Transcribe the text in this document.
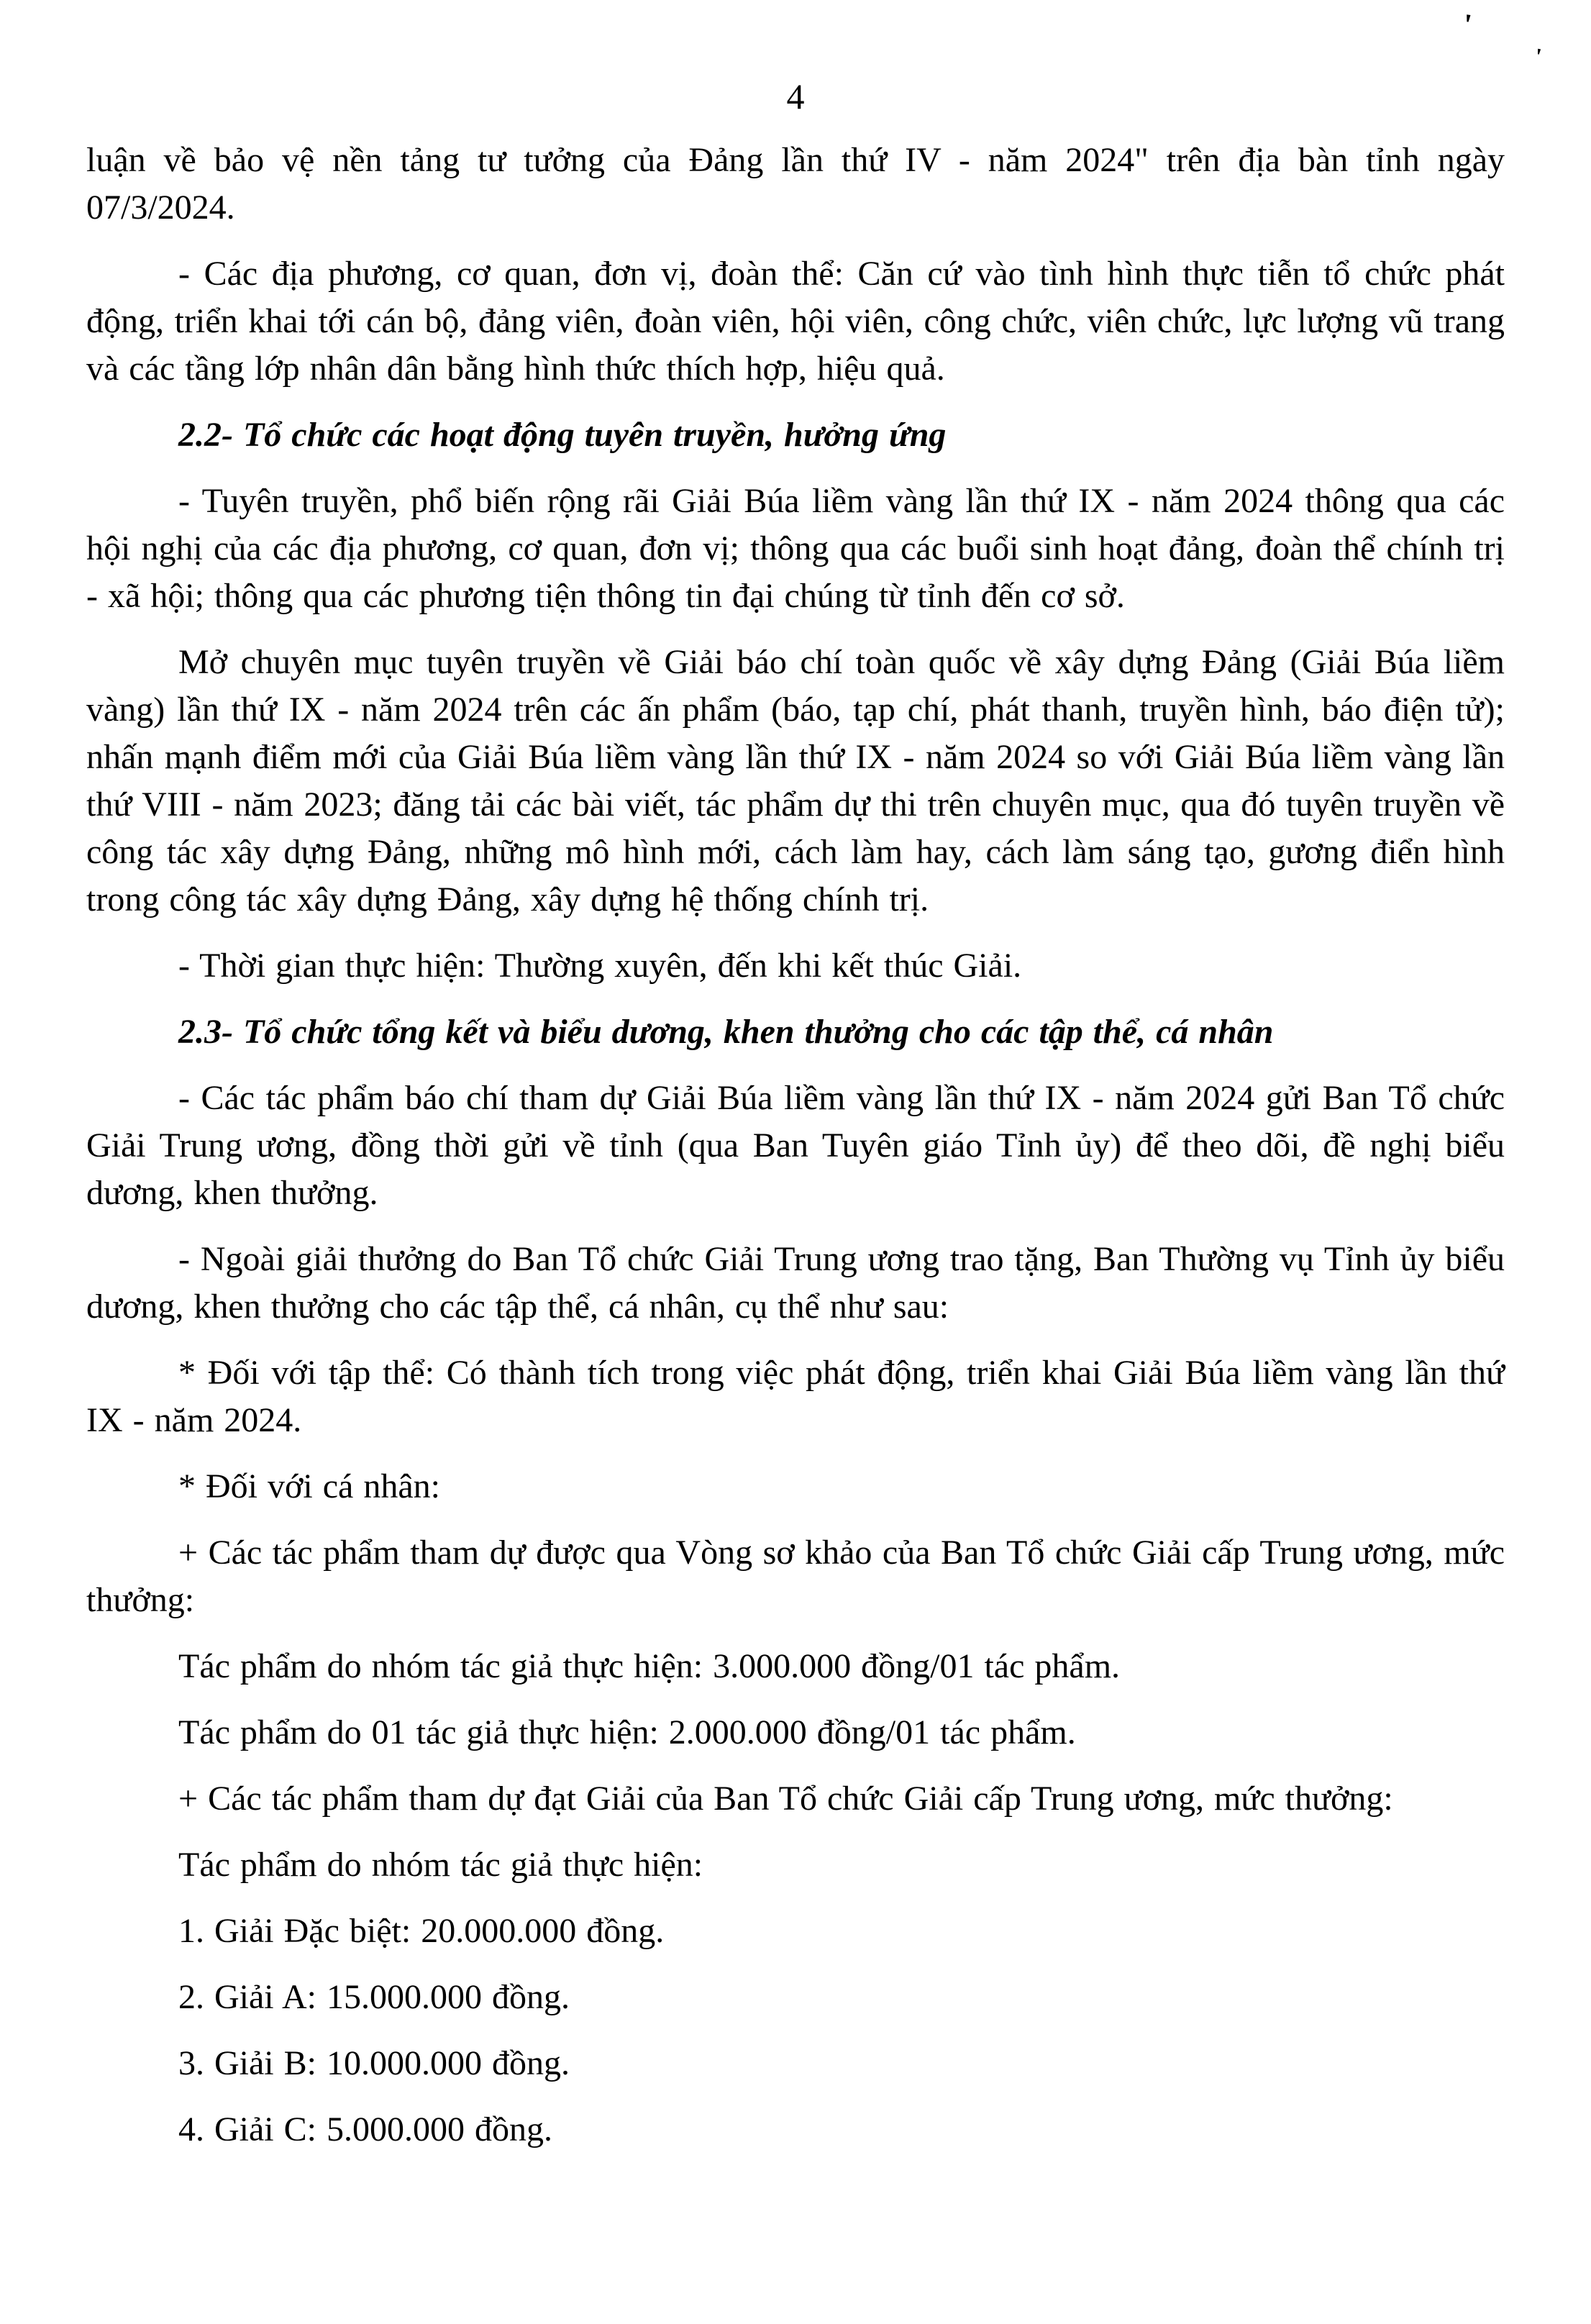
4
'
'

luận về bảo vệ nền tảng tư tưởng của Đảng lần thứ IV - năm 2024" trên địa bàn tỉnh ngày 07/3/2024.

- Các địa phương, cơ quan, đơn vị, đoàn thể: Căn cứ vào tình hình thực tiễn tổ chức phát động, triển khai tới cán bộ, đảng viên, đoàn viên, hội viên, công chức, viên chức, lực lượng vũ trang và các tầng lớp nhân dân bằng hình thức thích hợp, hiệu quả.

2.2- Tổ chức các hoạt động tuyên truyền, hưởng ứng

- Tuyên truyền, phổ biến rộng rãi Giải Búa liềm vàng lần thứ IX - năm 2024 thông qua các hội nghị của các địa phương, cơ quan, đơn vị; thông qua các buổi sinh hoạt đảng, đoàn thể chính trị - xã hội; thông qua các phương tiện thông tin đại chúng từ tỉnh đến cơ sở.

Mở chuyên mục tuyên truyền về Giải báo chí toàn quốc về xây dựng Đảng (Giải Búa liềm vàng) lần thứ IX - năm 2024 trên các ấn phẩm (báo, tạp chí, phát thanh, truyền hình, báo điện tử); nhấn mạnh điểm mới của Giải Búa liềm vàng lần thứ IX - năm 2024 so với Giải Búa liềm vàng lần thứ VIII - năm 2023; đăng tải các bài viết, tác phẩm dự thi trên chuyên mục, qua đó tuyên truyền về công tác xây dựng Đảng, những mô hình mới, cách làm hay, cách làm sáng tạo, gương điển hình trong công tác xây dựng Đảng, xây dựng hệ thống chính trị.

- Thời gian thực hiện: Thường xuyên, đến khi kết thúc Giải.

2.3- Tổ chức tổng kết và biểu dương, khen thưởng cho các tập thể, cá nhân

- Các tác phẩm báo chí tham dự Giải Búa liềm vàng lần thứ IX - năm 2024 gửi Ban Tổ chức Giải Trung ương, đồng thời gửi về tỉnh (qua Ban Tuyên giáo Tỉnh ủy) để theo dõi, đề nghị biểu dương, khen thưởng.

- Ngoài giải thưởng do Ban Tổ chức Giải Trung ương trao tặng, Ban Thường vụ Tỉnh ủy biểu dương, khen thưởng cho các tập thể, cá nhân, cụ thể như sau:

* Đối với tập thể: Có thành tích trong việc phát động, triển khai Giải Búa liềm vàng lần thứ IX - năm 2024.

* Đối với cá nhân:

+ Các tác phẩm tham dự được qua Vòng sơ khảo của Ban Tổ chức Giải cấp Trung ương, mức thưởng:

Tác phẩm do nhóm tác giả thực hiện: 3.000.000 đồng/01 tác phẩm.

Tác phẩm do 01 tác giả thực hiện: 2.000.000 đồng/01 tác phẩm.

+ Các tác phẩm tham dự đạt Giải của Ban Tổ chức Giải cấp Trung ương, mức thưởng:

Tác phẩm do nhóm tác giả thực hiện:

1. Giải Đặc biệt: 20.000.000 đồng.

2. Giải A: 15.000.000 đồng.

3. Giải B: 10.000.000 đồng.

4. Giải C: 5.000.000 đồng.
